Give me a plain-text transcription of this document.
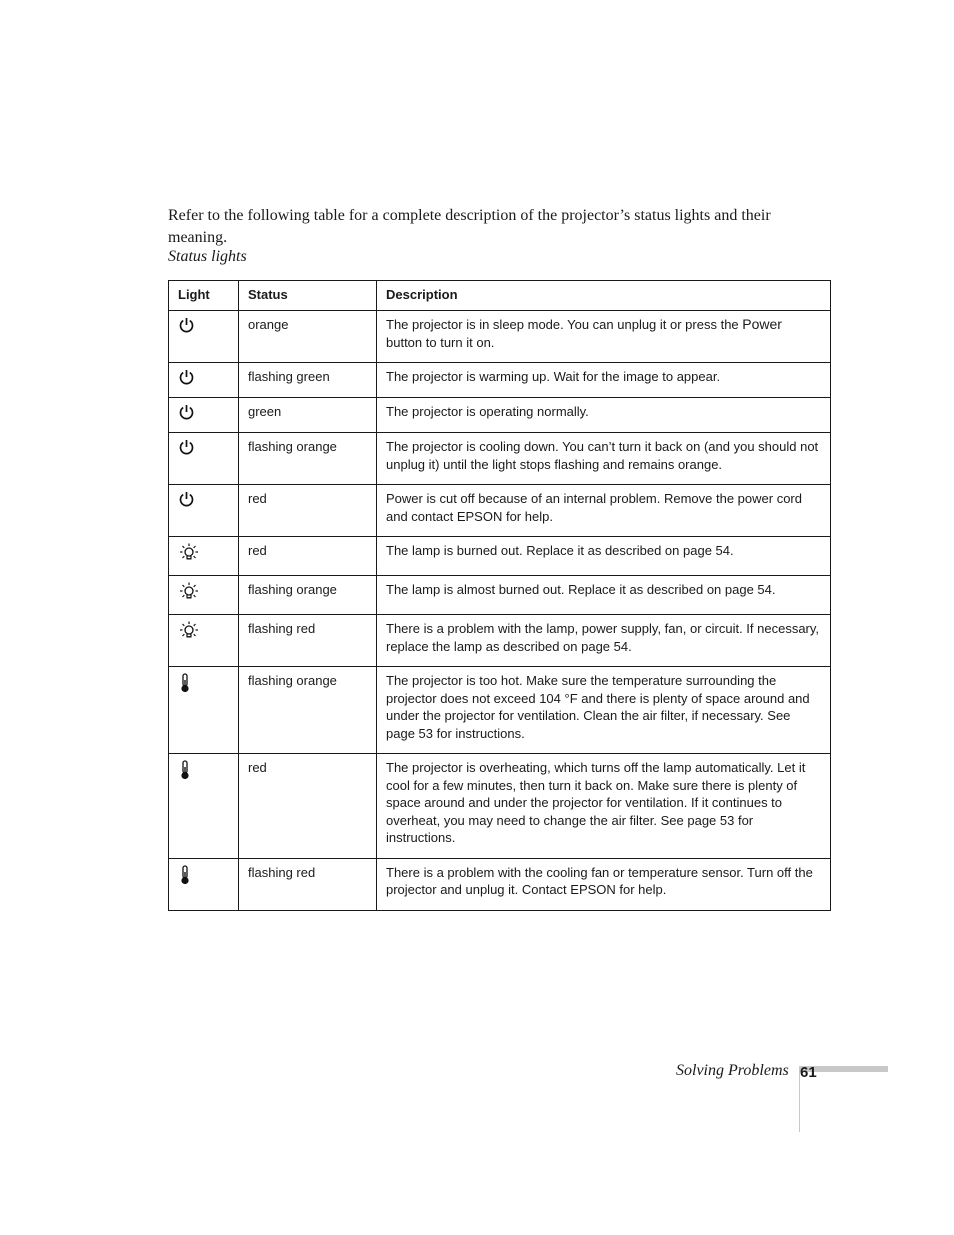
Refer to the following table for a complete description of the projector’s status lights and their meaning.

Status lights
Light	Status	Description

	orange	The projector is in sleep mode. You can unplug it or press the Power button to turn it on.

	flashing green	The projector is warming up. Wait for the image to appear.

	green	The projector is operating normally.

	flashing orange	The projector is cooling down. You can’t turn it back on (and you should not unplug it) until the light stops flashing and remains orange.

	red	Power is cut off because of an internal problem. Remove the power cord and contact EPSON for help.

	red	The lamp is burned out. Replace it as described on page 54.

	flashing orange	The lamp is almost burned out. Replace it as described on page 54.

	flashing red	There is a problem with the lamp, power supply, fan, or circuit. If necessary, replace the lamp as described on page 54.

	flashing orange	The projector is too hot. Make sure the temperature surrounding the projector does not exceed 104 °F and there is plenty of space around and under the projector for ventilation. Clean the air filter, if necessary. See page 53 for instructions.

	red	The projector is overheating, which turns off the lamp automatically. Let it cool for a few minutes, then turn it back on. Make sure there is plenty of space around and under the projector for ventilation. If it continues to overheat, you may need to change the air filter. See page 53 for instructions.

	flashing red	There is a problem with the cooling fan or temperature sensor. Turn off the projector and unplug it. Contact EPSON for help.
Solving Problems 61
